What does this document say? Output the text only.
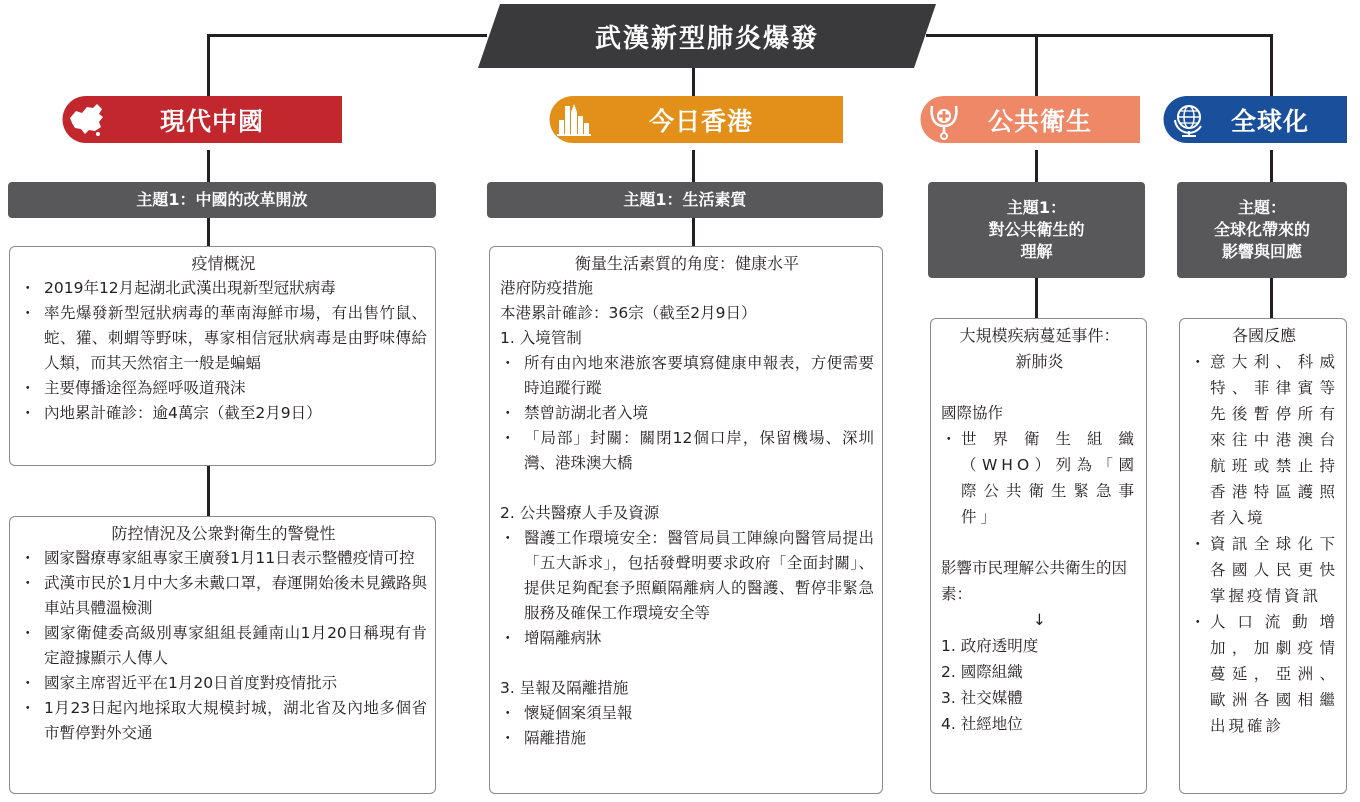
武漢新型肺炎爆發
現代中國	今日香港	公共衛生	全球化
主題1：中國的改革開放	主題1：生活素質	主題1：
對公共衛生的
理解
主題：
全球化帶來的
影響與回應
疫情概況
・ 2019年12月起湖北武漢出現新型冠狀病毒
・ 率先爆發新型冠狀病毒的華南海鮮市場，有出售竹鼠、蛇、獾、刺蝟等野味，專家相信冠狀病毒是由野味傳給人類，而其天然宿主一般是蝙蝠
・ 主要傳播途徑為經呼吸道飛沫
・ 內地累計確診：逾4萬宗（截至2月9日）
防控情況及公衆對衛生的警覺性
・ 國家醫療專家組專家王廣發1月11日表示整體疫情可控
・ 武漢市民於1月中大多未戴口罩，春運開始後未見鐵路與車站具體溫檢測
・ 國家衛健委高級別專家組組長鍾南山1月20日稱現有肯定證據顯示人傳人
・ 國家主席習近平在1月20日首度對疫情批示
・ 1月23日起內地採取大規模封城，湖北省及內地多個省市暫停對外交通
衡量生活素質的角度：健康水平

港府防疫措施

本港累計確診：36宗（截至2月9日）

1. 入境管制

・ 所有由內地來港旅客要填寫健康申報表，方便需要時追蹤行蹤
・ 禁曾訪湖北者入境
・ 「局部」封關：關閉12個口岸，保留機場、深圳灣、港珠澳大橋

2. 公共醫療人手及資源

・ 醫護工作環境安全：醫管局員工陣線向醫管局提出「五大訴求」，包括發聲明要求政府「全面封關」、提供足夠配套予照顧隔離病人的醫護、暫停非緊急服務及確保工作環境安全等
・ 增隔離病牀

3. 呈報及隔離措施

・ 懷疑個案須呈報
・ 隔離措施
大規模疾病蔓延事件：
新肺炎

國際協作

・ 世界衛生組織（WHO）列為「國際公共衛生緊急事件」

影響市民理解公共衛生的因素：

↓

1. 政府透明度

2. 國際組織

3. 社交媒體

4. 社經地位

各國反應
・ 意大利、科威特、菲律賓等先後暫停所有來往中港澳台航班或禁止持香港特區護照者入境
・ 資訊全球化下各國人民更快掌握疫情資訊
・ 人口流動增加，加劇疫情蔓延，亞洲、歐洲各國相繼出現確診
